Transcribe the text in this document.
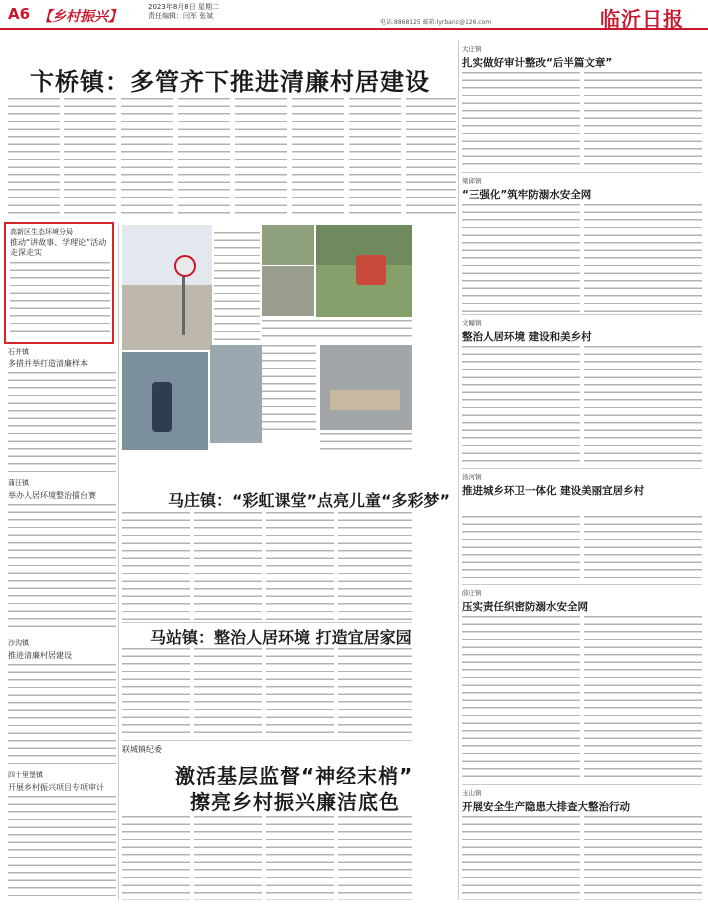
A6 【乡村振兴】
2023年8月8日 星期二
责任编辑：闫军 张斌
电话:8868125 邮箱:lyrbanc@126.com	临沂日报
卞桥镇：多管齐下推进清廉村居建设
高新区生态环境分局
推动“讲故事、学理论”活动走深走实
石井镇
多措并举打造清廉样本
蒲汪镇
举办人居环境整治擂台赛
沙沟镇
推进清廉村居建设
四十里堡镇
开展乡村振兴项目专项审计
马庄镇：“彩虹课堂”点亮儿童“多彩梦”
马站镇：整治人居环境 打造宜居家园
联城镇纪委
激活基层监督“神经末梢”
擦亮乡村振兴廉洁底色
大庄镇
扎实做好审计整改“后半篇文章”
梁邱镇
“三强化”筑牢防溺水安全网
文疃镇
整治人居环境 建设和美乡村
汤河镇
推进城乡环卫一体化 建设美丽宜居乡村
薛庄镇
压实责任织密防溺水安全网
玉山镇
开展安全生产隐患大排查大整治行动
